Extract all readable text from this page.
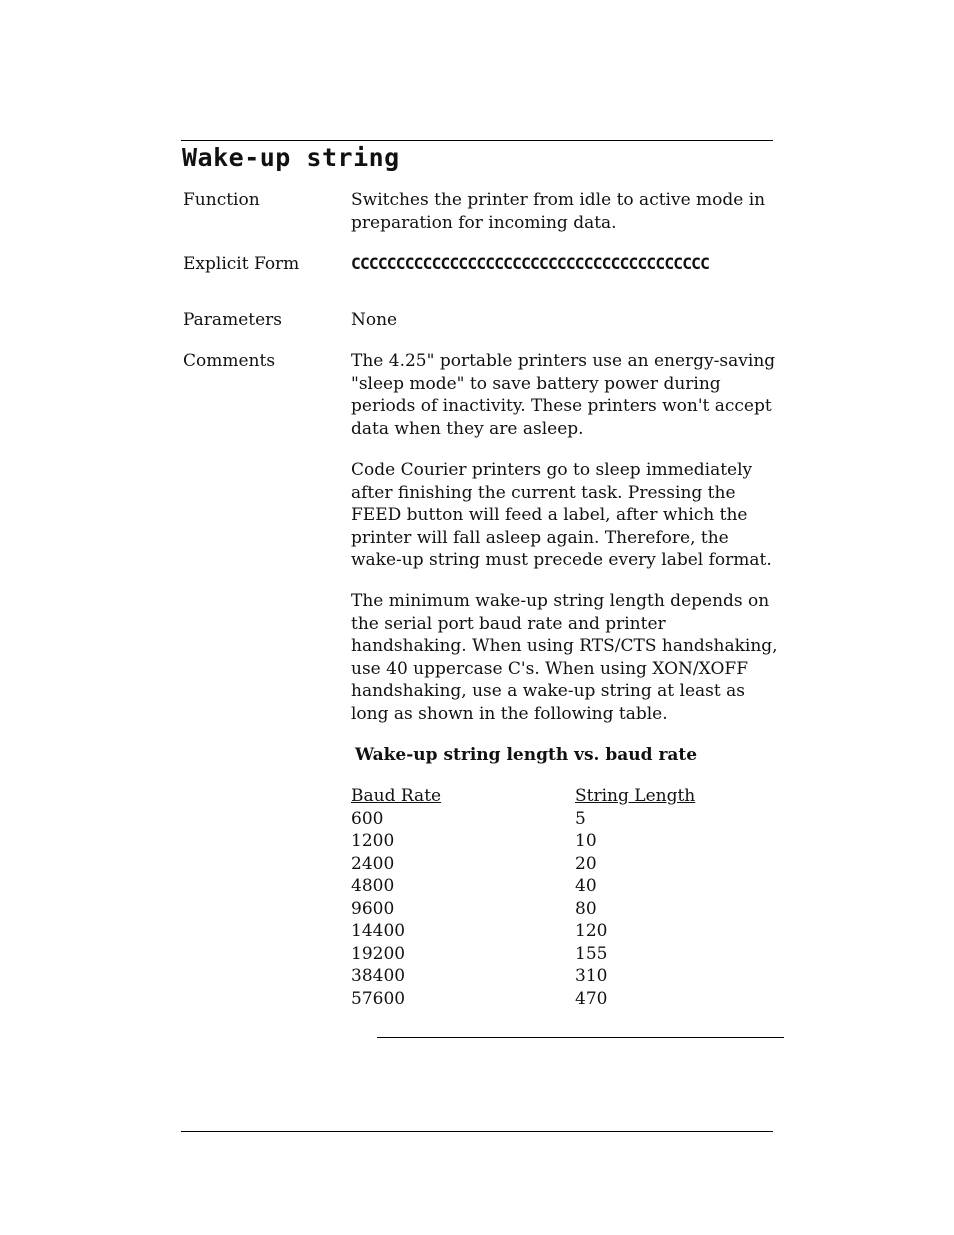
Wake-up string
Function	Switches the printer from idle to active mode in preparation for incoming data.

Explicit Form	CCCCCCCCCCCCCCCCCCCCCCCCCCCCCCCCCCCCCCCC

Parameters	None

Comments	The 4.25" portable printers use an energy-saving "sleep mode" to save battery power during periods of inactivity. These printers won't accept data when they are asleep.

Code Courier printers go to sleep immediately after finishing the current task. Pressing the FEED button will feed a label, after which the printer will fall asleep again. Therefore, the wake-up string must precede every label format.

The minimum wake-up string length depends on the serial port baud rate and printer handshaking. When using RTS/CTS handshaking, use 40 uppercase C's. When using XON/XOFF handshaking, use a wake-up string at least as long as shown in the following table.

Wake-up string length vs. baud rate
Baud Rate	String Length
600	5
1200	10
2400	20
4800	40
9600	80
14400	120
19200	155
38400	310
57600	470
